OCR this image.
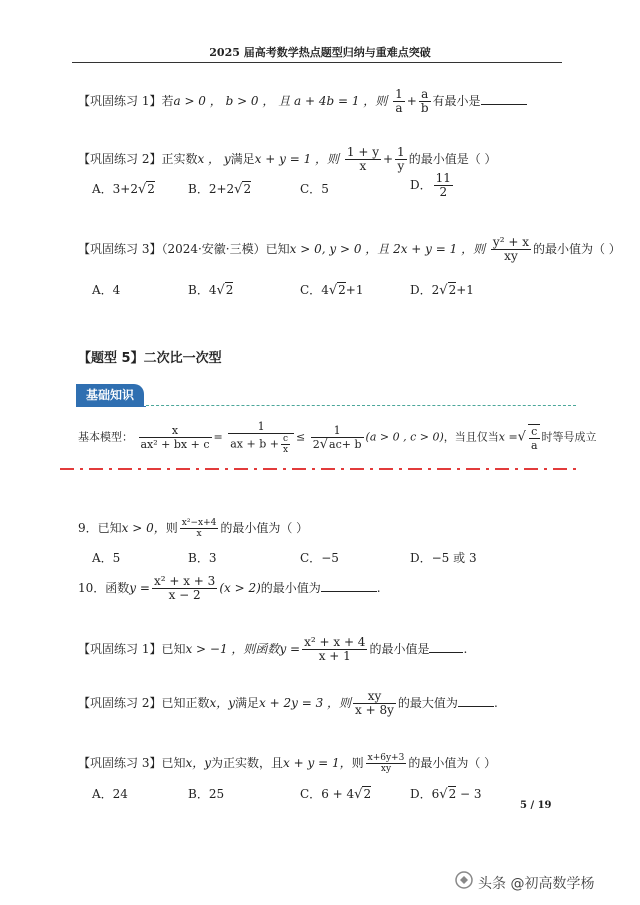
2025 届高考数学热点题型归纳与重难点突破
【巩固练习 1】若a > 0 ， b > 0 ， 且 a + 4b = 1 ，则 $\frac{1}{a} + \frac{a}{b}$ 有最小是
【巩固练习 2】正实数x ， y满足x + y = 1 ，则 $\frac{1 + y}{x} + \frac{1}{y}$ 的最小值是（ ）
A．3+2√2	B．2+2√2	C．5	D． $\frac{11}{2}$
【巩固练习 3】（2024·安徽·三模）已知x > 0, y > 0 ，且 2x + y = 1 ，则 $\frac{\text{y² + x}}{xy}$ 的最小值为（ ）
A．4	B．4√2	C．4√2+1	D．2√2+1
【题型 5】二次比一次型
基础知识
基本模型： $\frac{x}{\text{ax² + bx + c}} = \frac{1}{ax + b + \frac{c}{x}} \le \frac{1}{2√ac+ b} (a > 0$ , c > 0)，当且仅当x =√ $\frac{c}{a}$ 时等号成立
9．已知x > 0，则 $\frac{\text{x²−x+4}}{x}$ 的最小值为（ ）
A．5	B．3	C．−5	D．−5 或 3
10．函数$y = \frac{\text{x² + x + 3}}{x - 2} (x > 2)$的最小值为	.
【巩固练习 1】已知x > −1 ，则函数$y = \frac{\text{x² + x + 4}}{x + 1}$ 的最小值是	.
【巩固练习 2】已知正数x，y满足x + 2y = 3 ，则 $\frac{xy}{x + 8y}$ 的最大值为	.
【巩固练习 3】已知x，y为正实数，且x + y = 1，则 $\frac{x+6y+3}{xy}$ 的最小值为（ ）
A．24	B．25	C．6 + 4√2	D．6√2 − 3
5 / 19
头条 @初高数学杨
